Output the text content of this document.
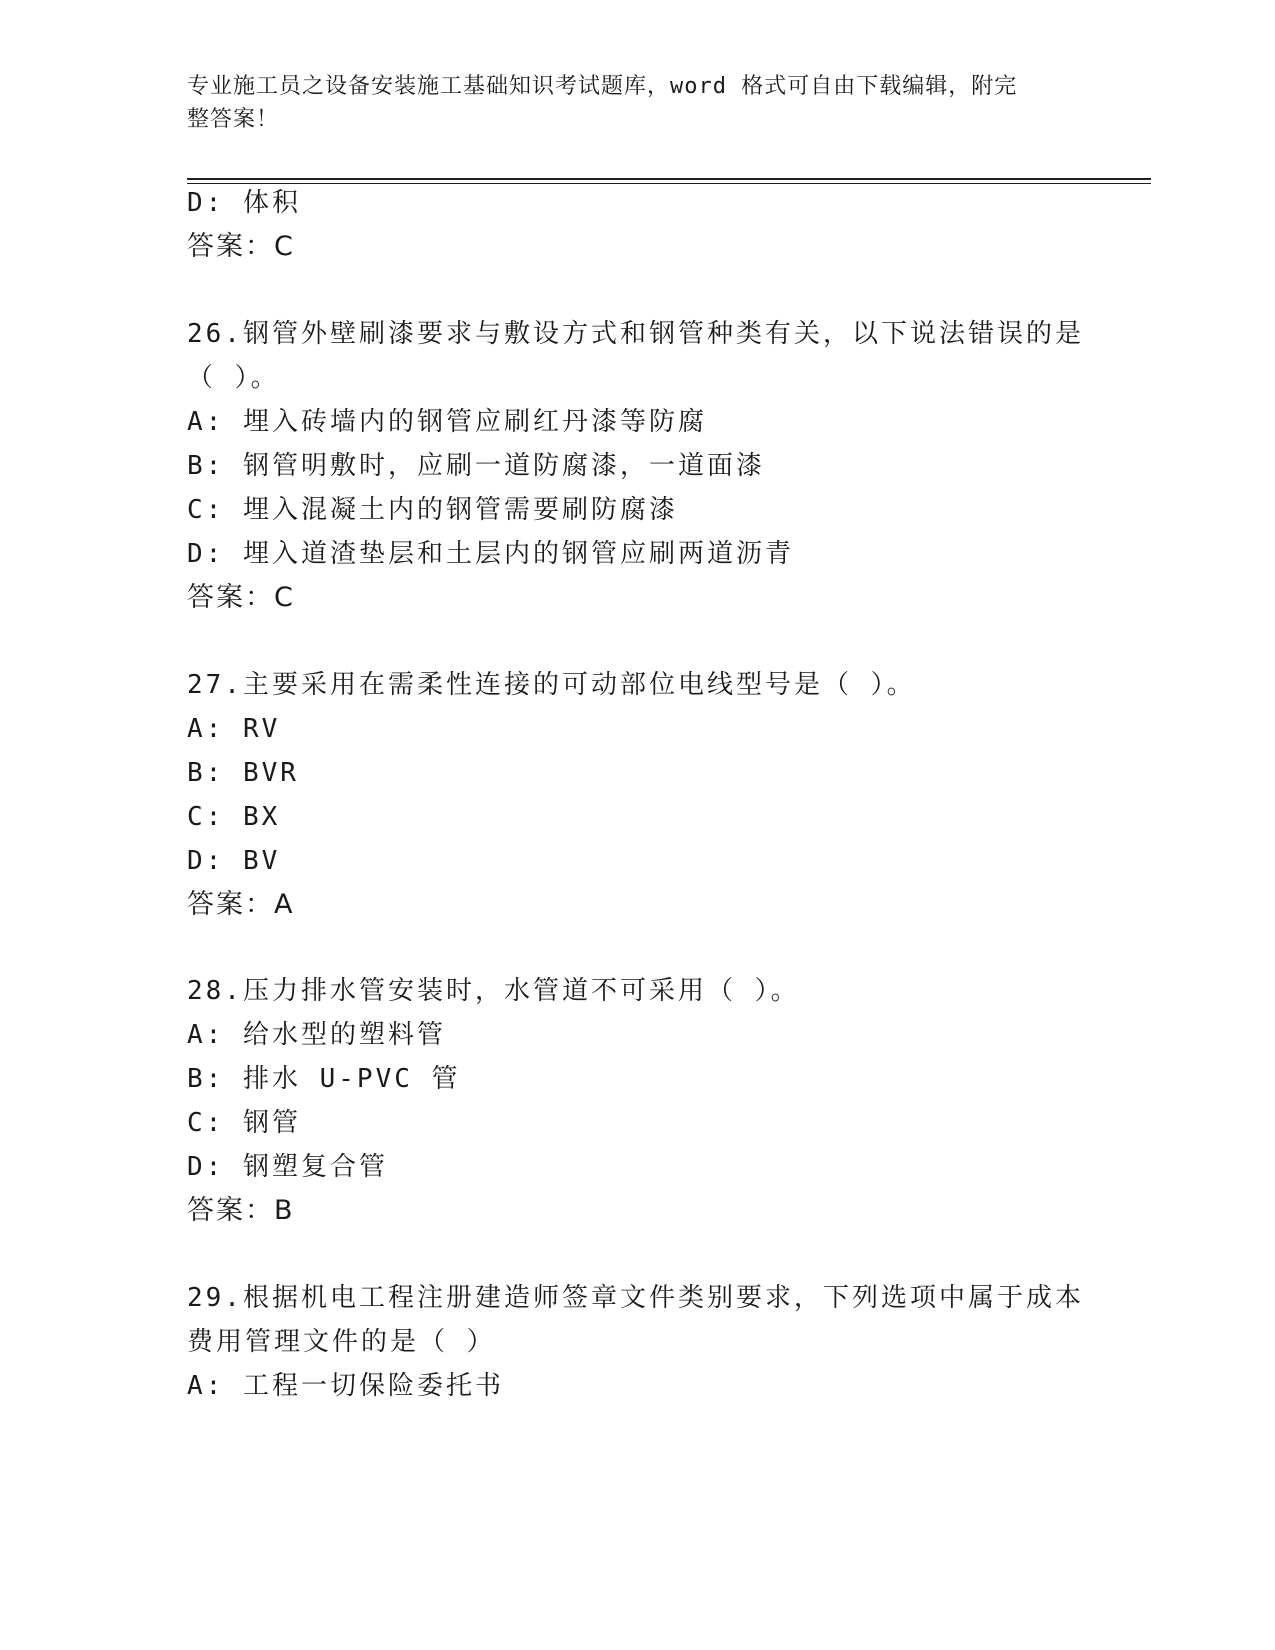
专业施工员之设备安装施工基础知识考试题库，word 格式可自由下载编辑，附完
整答案！
D: 体积
答案：C
26.钢管外壁刷漆要求与敷设方式和钢管种类有关，以下说法错误的是
（ ）。
A: 埋入砖墙内的钢管应刷红丹漆等防腐
B: 钢管明敷时，应刷一道防腐漆，一道面漆
C: 埋入混凝土内的钢管需要刷防腐漆
D: 埋入道渣垫层和土层内的钢管应刷两道沥青
答案：C
27.主要采用在需柔性连接的可动部位电线型号是（ ）。
A: RV
B: BVR
C: BX
D: BV
答案：A
28.压力排水管安装时，水管道不可采用（ ）。
A: 给水型的塑料管
B: 排水 U-PVC 管
C: 钢管
D: 钢塑复合管
答案：B
29.根据机电工程注册建造师签章文件类别要求，下列选项中属于成本
费用管理文件的是（ ）
A: 工程一切保险委托书
